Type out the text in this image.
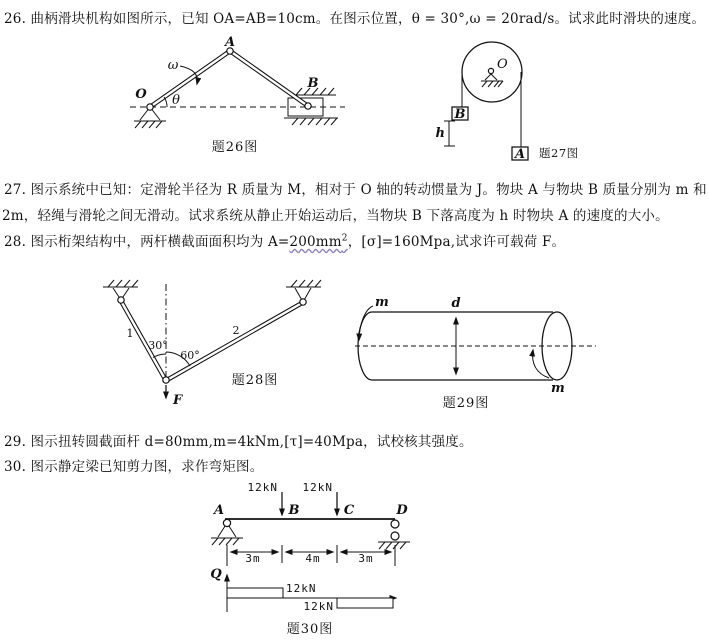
26. 曲柄滑块机构如图所示，已知 OA=AB=10cm。在图示位置，θ = 30°,ω = 20rad/s。试求此时滑块的速度。
27. 图示系统中已知：定滑轮半径为 R 质量为 M，相对于 O 轴的转动惯量为 J。物块 A 与物块 B 质量分别为 m 和
2m，轻绳与滑轮之间无滑动。试求系统从静止开始运动后，当物块 B 下落高度为 h 时物块 A 的速度的大小。
28. 图示桁架结构中，两杆横截面面积均为 $A=200mm^2$，[σ]=160Mpa,试求许可载荷 F。
29. 图示扭转圆截面杆 d=80mm,m=4kNm,[τ]=40Mpa，试校核其强度。
30. 图示静定梁已知剪力图，求作弯矩图。
O
A
B
ω
θ
题26图
O
B
A
h
题27图
1	2
30°
60°
F
题28图
d
m
m
题29图
12kN 12kN
A	B	C	D
3m	4m	3m
Q
12kN
12kN
题30图
